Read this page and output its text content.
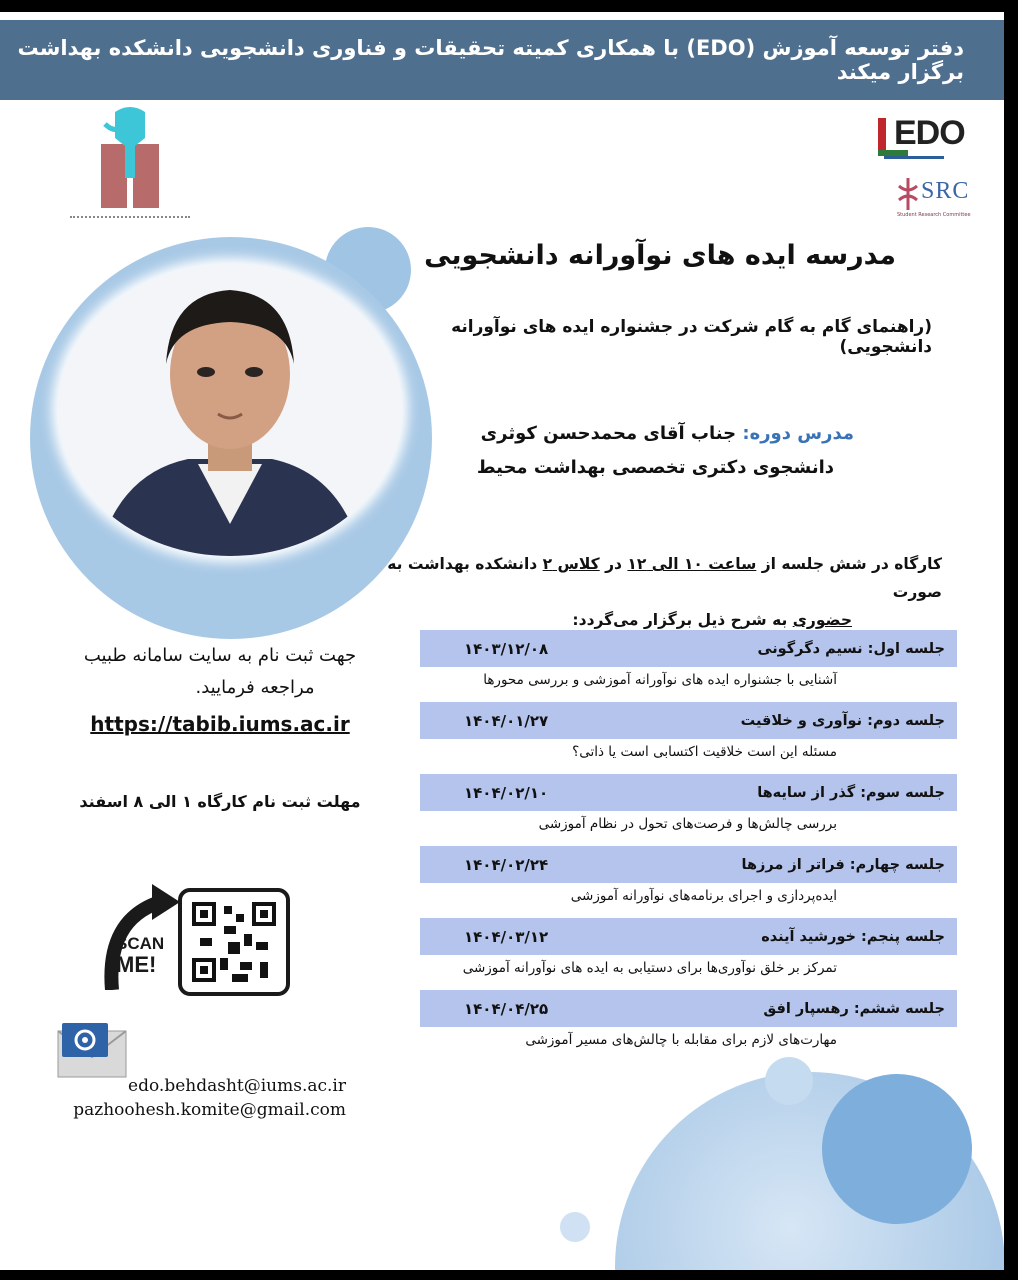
دفتر توسعه آموزش (EDO) با همکاری کمیته تحقیقات و فناوری دانشجویی دانشکده بهداشت برگزار میکند
EDO
SRC
Student Research Committee
مدرسه ایده های نوآورانه دانشجویی
(راهنمای گام به گام شرکت در جشنواره ایده های نوآورانه دانشجویی)
مدرس دوره: جناب آقای محمدحسن کوثری
دانشجوی دکتری تخصصی بهداشت محیط
کارگاه در شش جلسه از ساعت ۱۰ الی ۱۲ در کلاس ۲ دانشکده بهداشت به صورت
حضوری به شرح ذیل برگزار می‌گردد:
جلسه اول: نسیم دگرگونی
۱۴۰۳/۱۲/۰۸
آشنایی با جشنواره ایده های نوآورانه آموزشی و بررسی محورها
جلسه دوم: نوآوری و خلاقیت
۱۴۰۴/۰۱/۲۷
مسئله این است خلاقیت اکتسابی است یا ذاتی؟
جلسه سوم: گذر از سایه‌ها
۱۴۰۴/۰۲/۱۰
بررسی چالش‌ها و فرصت‌های تحول در نظام آموزشی
جلسه چهارم: فراتر از مرزها
۱۴۰۴/۰۲/۲۴
ایده‌پردازی و اجرای برنامه‌های نوآورانه آموزشی
جلسه پنجم: خورشید آینده
۱۴۰۴/۰۳/۱۲
تمرکز بر خلق نوآوری‌ها برای دستیابی به ایده های نوآورانه آموزشی
جلسه ششم: رهسپار افق
۱۴۰۴/۰۴/۲۵
مهارت‌های لازم برای مقابله با چالش‌های مسیر آموزشی
جهت ثبت نام به سایت سامانه طبیب
مراجعه فرمایید.
https://tabib.iums.ac.ir
مهلت ثبت نام کارگاه ۱ الی ۸ اسفند
SCAN
ME!
edo.behdasht@iums.ac.ir
pazhoohesh.komite@gmail.com
